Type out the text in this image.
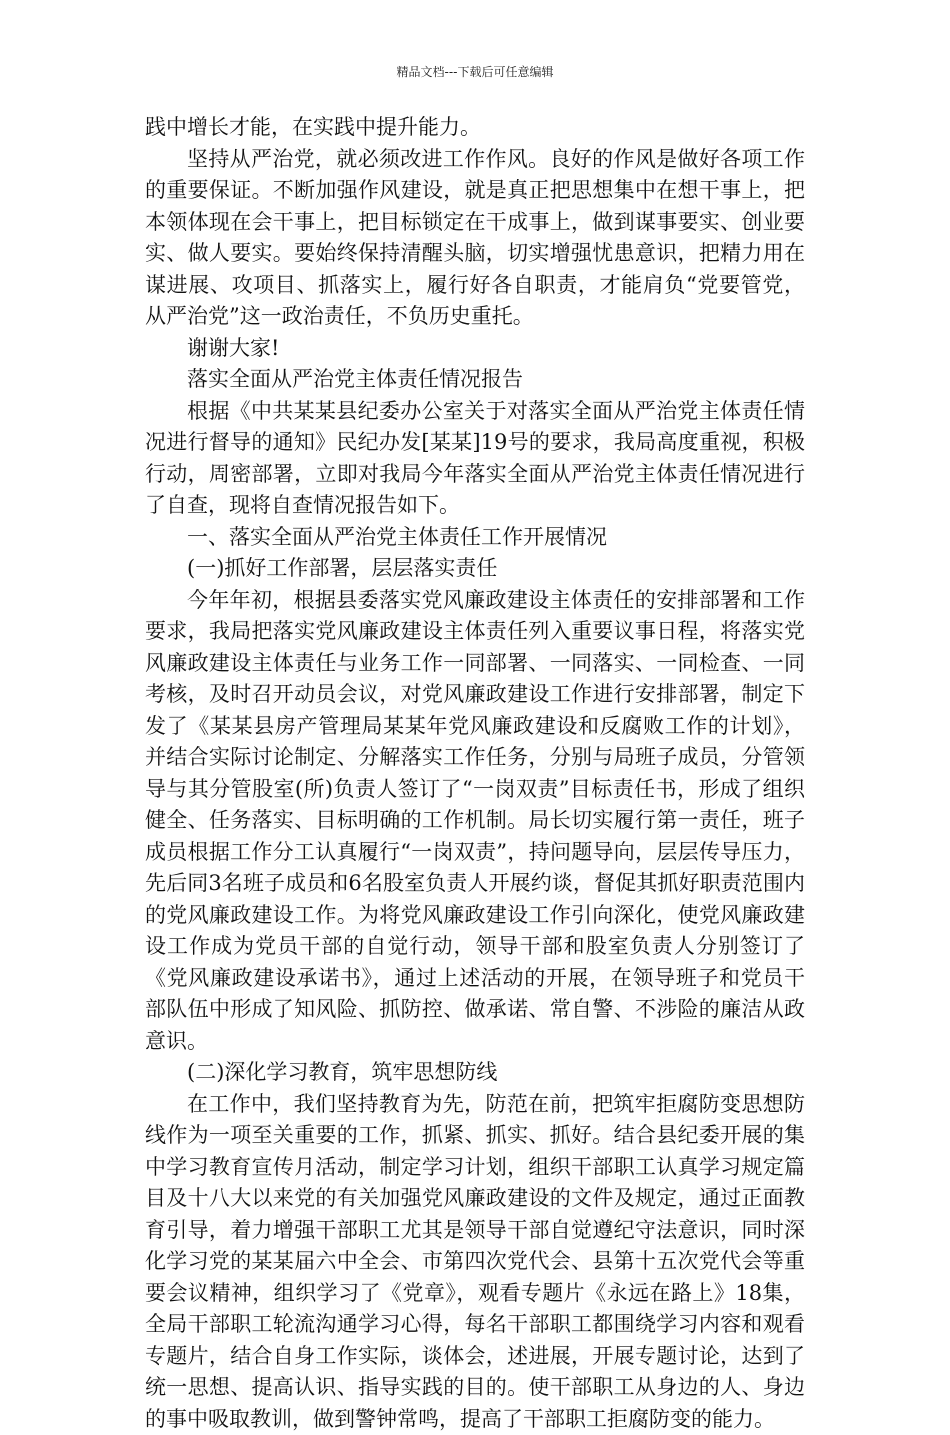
精品文档---下载后可任意编辑

践中增长才能，在实践中提升能力。

坚持从严治党，就必须改进工作作风。良好的作风是做好各项工作的重要保证。不断加强作风建设，就是真正把思想集中在想干事上，把本领体现在会干事上，把目标锁定在干成事上，做到谋事要实、创业要实、做人要实。要始终保持清醒头脑，切实增强忧患意识，把精力用在谋进展、攻项目、抓落实上，履行好各自职责，才能肩负“党要管党，从严治党”这一政治责任，不负历史重托。

谢谢大家!

落实全面从严治党主体责任情况报告

根据《中共某某县纪委办公室关于对落实全面从严治党主体责任情况进行督导的通知》民纪办发[某某]19号的要求，我局高度重视，积极行动，周密部署，立即对我局今年落实全面从严治党主体责任情况进行了自查，现将自查情况报告如下。

一、落实全面从严治党主体责任工作开展情况

(一)抓好工作部署，层层落实责任

今年年初，根据县委落实党风廉政建设主体责任的安排部署和工作要求，我局把落实党风廉政建设主体责任列入重要议事日程，将落实党风廉政建设主体责任与业务工作一同部署、一同落实、一同检查、一同考核，及时召开动员会议，对党风廉政建设工作进行安排部署，制定下发了《某某县房产管理局某某年党风廉政建设和反腐败工作的计划》，并结合实际讨论制定、分解落实工作任务，分别与局班子成员，分管领导与其分管股室(所)负责人签订了“一岗双责”目标责任书，形成了组织健全、任务落实、目标明确的工作机制。局长切实履行第一责任，班子成员根据工作分工认真履行“一岗双责”，持问题导向，层层传导压力，先后同3名班子成员和6名股室负责人开展约谈，督促其抓好职责范围内的党风廉政建设工作。为将党风廉政建设工作引向深化，使党风廉政建设工作成为党员干部的自觉行动，领导干部和股室负责人分别签订了《党风廉政建设承诺书》，通过上述活动的开展，在领导班子和党员干部队伍中形成了知风险、抓防控、做承诺、常自警、不涉险的廉洁从政意识。

(二)深化学习教育，筑牢思想防线

在工作中，我们坚持教育为先，防范在前，把筑牢拒腐防变思想防线作为一项至关重要的工作，抓紧、抓实、抓好。结合县纪委开展的集中学习教育宣传月活动，制定学习计划，组织干部职工认真学习规定篇目及十八大以来党的有关加强党风廉政建设的文件及规定，通过正面教育引导，着力增强干部职工尤其是领导干部自觉遵纪守法意识，同时深化学习党的某某届六中全会、市第四次党代会、县第十五次党代会等重要会议精神，组织学习了《党章》，观看专题片《永远在路上》18集，全局干部职工轮流沟通学习心得，每名干部职工都围绕学习内容和观看专题片，结合自身工作实际，谈体会，述进展，开展专题讨论，达到了统一思想、提高认识、指导实践的目的。使干部职工从身边的人、身边的事中吸取教训，做到警钟常鸣，提高了干部职工拒腐防变的能力。
